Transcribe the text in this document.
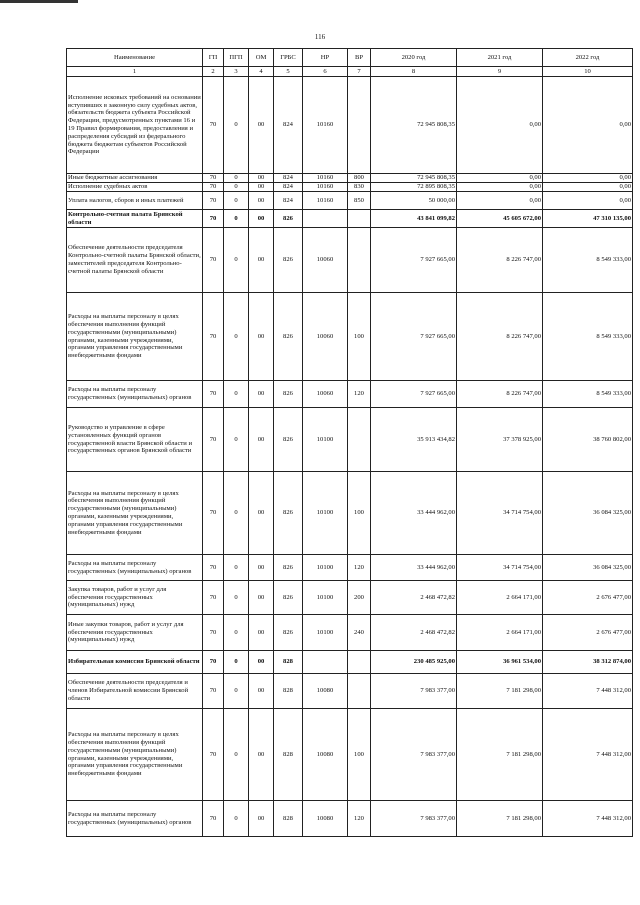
116
Наименование	ГП	ПГП	ОМ	ГРБС	НР	ВР	2020 год	2021 год	2022 год
1	2	3	4	5	6	7	8	9	10
Исполнение исковых требований на основании вступивших в законную силу судебных актов, обязательств бюджета субъекта Российской Федерации, предусмотренных пунктами 16 и 19 Правил формирования, предоставления и распределения субсидий из федерального бюджета бюджетам субъектов Российской Федерации	70	0	00	824	10160		72 945 808,35	0,00	0,00
Иные бюджетные ассигнования	70	0	00	824	10160	800	72 945 808,35	0,00	0,00
Исполнение судебных актов	70	0	00	824	10160	830	72 895 808,35	0,00	0,00
Уплата налогов, сборов и иных платежей	70	0	00	824	10160	850	50 000,00	0,00	0,00
Контрольно-счетная палата Брянской области	70	0	00	826			43 841 099,82	45 605 672,00	47 310 135,00
Обеспечение деятельности председателя Контрольно-счетной палаты Брянской области, заместителей председателя Контрольно-счетной палаты Брянской области	70	0	00	826	10060		7 927 665,00	8 226 747,00	8 549 333,00
Расходы на выплаты персоналу в целях обеспечения выполнения функций государственными (муниципальными) органами, казенными учреждениями, органами управления государственными внебюджетными фондами	70	0	00	826	10060	100	7 927 665,00	8 226 747,00	8 549 333,00
Расходы на выплаты персоналу государственных (муниципальных) органов	70	0	00	826	10060	120	7 927 665,00	8 226 747,00	8 549 333,00
Руководство и управление в сфере установленных функций органов государственной власти Брянской области и государственных органов Брянской области	70	0	00	826	10100		35 913 434,82	37 378 925,00	38 760 802,00
Расходы на выплаты персоналу в целях обеспечения выполнения функций государственными (муниципальными) органами, казенными учреждениями, органами управления государственными внебюджетными фондами	70	0	00	826	10100	100	33 444 962,00	34 714 754,00	36 084 325,00
Расходы на выплаты персоналу государственных (муниципальных) органов	70	0	00	826	10100	120	33 444 962,00	34 714 754,00	36 084 325,00
Закупка товаров, работ и услуг для обеспечения государственных (муниципальных) нужд	70	0	00	826	10100	200	2 468 472,82	2 664 171,00	2 676 477,00
Иные закупки товаров, работ и услуг для обеспечения государственных (муниципальных) нужд	70	0	00	826	10100	240	2 468 472,82	2 664 171,00	2 676 477,00
Избирательная комиссия Брянской области	70	0	00	828			230 485 925,00	36 961 534,00	38 312 874,00
Обеспечение деятельности председателя и членов Избирательной комиссии Брянской области	70	0	00	828	10080		7 983 377,00	7 181 298,00	7 448 312,00
Расходы на выплаты персоналу в целях обеспечения выполнения функций государственными (муниципальными) органами, казенными учреждениями, органами управления государственными внебюджетными фондами	70	0	00	828	10080	100	7 983 377,00	7 181 298,00	7 448 312,00
Расходы на выплаты персоналу государственных (муниципальных) органов	70	0	00	828	10080	120	7 983 377,00	7 181 298,00	7 448 312,00
